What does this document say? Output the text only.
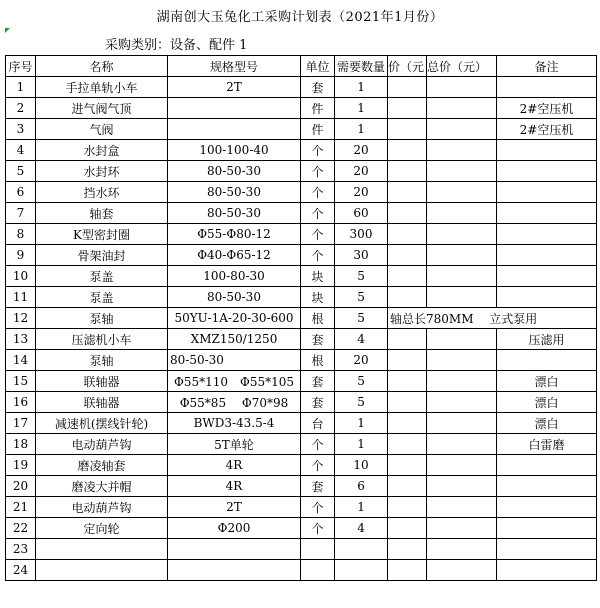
湖南创大玉兔化工采购计划表（2021年1月份）
采购类别：设备、配件 1
序号	名称	规格型号	单位	需要数量	价（元	总价（元）	备注
1	手拉单轨小车	2T	套	1			
2	进气阀气顶		件	1			2#空压机
3	气阀		件	1			2#空压机
4	水封盒	100-100-40	个	20			
5	水封环	80-50-30	个	20			
6	挡水环	80-50-30	个	20			
7	轴套	80-50-30	个	60			
8	K型密封圈	Φ55-Φ80-12	个	300			
9	骨架油封	Φ40-Φ65-12	个	30			
10	泵盖	100-80-30	块	5			
11	泵盖	80-50-30	块	5			
12	泵轴	50YU-1A-20-30-600	根	5	轴总长780MM　 立式泵用		
13	压滤机小车	XMZ150/1250	套	4			压滤用
14	泵轴	80-50-30	根	20			
15	联轴器	Φ55*110　Φ55*105	套	5			漂白
16	联轴器	Φ55*85　 Φ70*98	套	5			漂白
17	减速机(摆线针轮)	BWD3-43.5-4	台	1			漂白
18	电动葫芦钩	5T单轮	个	1			白雷磨
19	磨凌轴套	4R	个	10			
20	磨凌大并帽	4R	套	6			
21	电动葫芦钩	2T	个	1			
22	定向轮	Φ200	个	4			
23							
24							
